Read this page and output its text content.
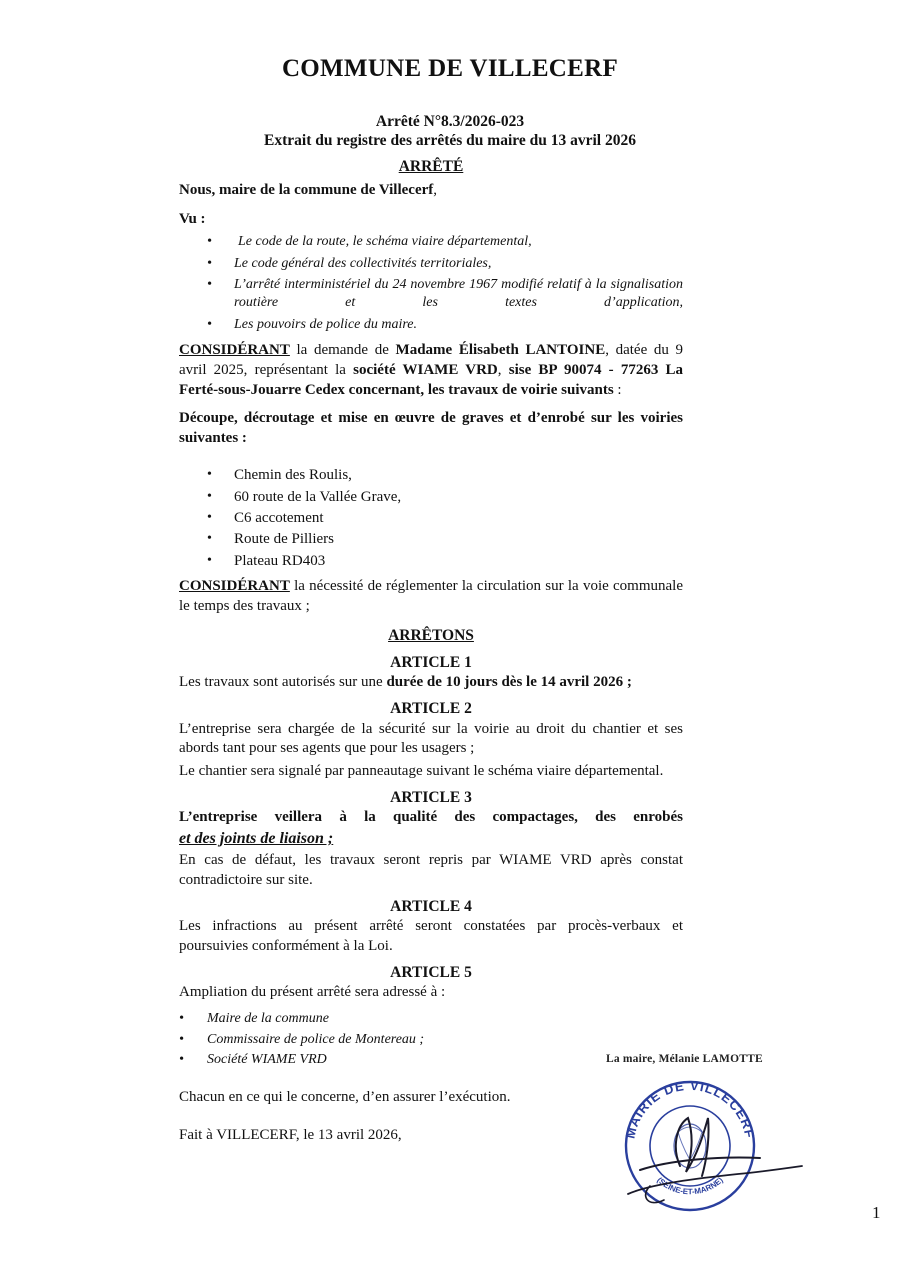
COMMUNE DE VILLECERF
Arrêté N°8.3/2026-023
Extrait du registre des arrêtés du maire du 13 avril 2026

ARRÊTÉ

Nous, maire de la commune de Villecerf,

Vu :

• Le code de la route, le schéma viaire départemental,
• Le code général des collectivités territoriales,
• L’arrêté interministériel du 24 novembre 1967 modifié relatif à la signalisation routière et les textes d’application,
• Les pouvoirs de police du maire.

CONSIDÉRANT la demande de Madame Élisabeth LANTOINE, datée du 9 avril 2025, représentant la société WIAME VRD, sise BP 90074 - 77263 La Ferté-sous-Jouarre Cedex concernant, les travaux de voirie suivants :

Découpe, décroutage et mise en œuvre de graves et d’enrobé sur les voiries suivantes :

• Chemin des Roulis,
• 60 route de la Vallée Grave,
• C6 accotement
• Route de Pilliers
• Plateau RD403

CONSIDÉRANT la nécessité de réglementer la circulation sur la voie communale le temps des travaux ;

ARRÊTONS

ARTICLE 1

Les travaux sont autorisés sur une durée de 10 jours dès le 14 avril 2026 ;

ARTICLE 2

L’entreprise sera chargée de la sécurité sur la voirie au droit du chantier et ses abords tant pour ses agents que pour les usagers ;

Le chantier sera signalé par panneautage suivant le schéma viaire départemental.

ARTICLE 3

L’entreprise veillera à la qualité des compactages, des enrobés

et des joints de liaison ;

En cas de défaut, les travaux seront repris par WIAME VRD après constat contradictoire sur site.

ARTICLE 4

Les infractions au présent arrêté seront constatées par procès-verbaux et poursuivies conformément à la Loi.

ARTICLE 5

Ampliation du présent arrêté sera adressé à :

• Maire de la commune
• Commissaire de police de Montereau ;
• Société WIAME VRD

Chacun en ce qui le concerne, d’en assurer l’exécution.

Fait à VILLECERF, le 13 avril 2026,

La maire, Mélanie LAMOTTE
MAIRIE DE VILLECERF
(SEINE-ET-MARNE)
1
